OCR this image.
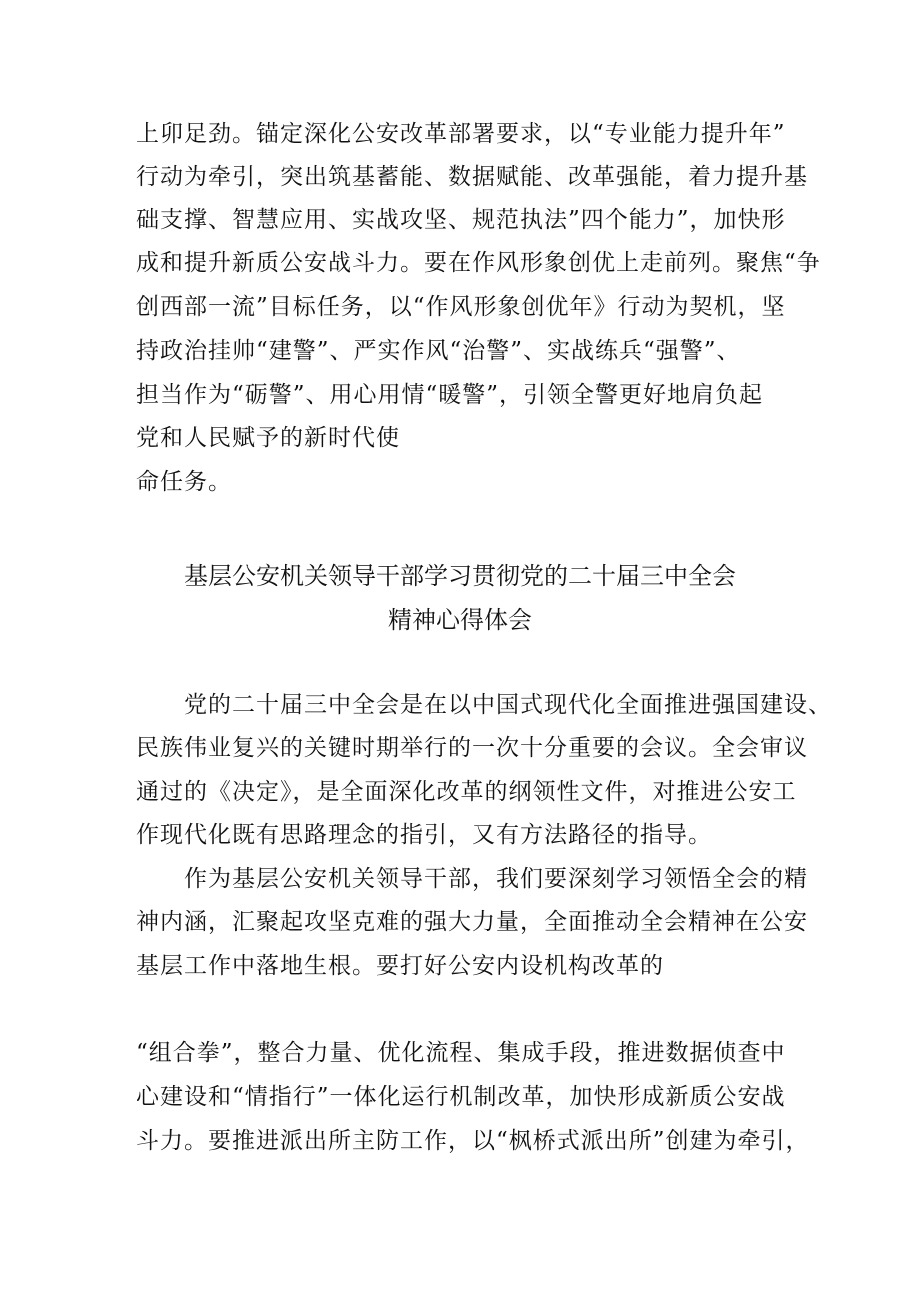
上卯足劲。锚定深化公安改革部署要求，以“专业能力提升年”
行动为牵引，突出筑基蓄能、数据赋能、改革强能，着力提升基
础支撑、智慧应用、实战攻坚、规范执法”四个能力”，加快形
成和提升新质公安战斗力。要在作风形象创优上走前列。聚焦“争
创西部一流”目标任务，以“作风形象创优年》行动为契机，坚
持政治挂帅“建警”、严实作风“治警”、实战练兵“强警”、
担当作为“砺警”、用心用情“暖警”，引领全警更好地肩负起
党和人民赋予的新时代使
命任务。
基层公安机关领导干部学习贯彻党的二十届三中全会
精神心得体会
党的二十届三中全会是在以中国式现代化全面推进强国建设、
民族伟业复兴的关键时期举行的一次十分重要的会议。全会审议
通过的《决定》，是全面深化改革的纲领性文件，对推进公安工
作现代化既有思路理念的指引，又有方法路径的指导。
作为基层公安机关领导干部，我们要深刻学习领悟全会的精
神内涵，汇聚起攻坚克难的强大力量，全面推动全会精神在公安
基层工作中落地生根。要打好公安内设机构改革的
“组合拳”，整合力量、优化流程、集成手段，推进数据侦查中
心建设和“情指行”一体化运行机制改革，加快形成新质公安战
斗力。要推进派出所主防工作，以“枫桥式派出所”创建为牵引，
